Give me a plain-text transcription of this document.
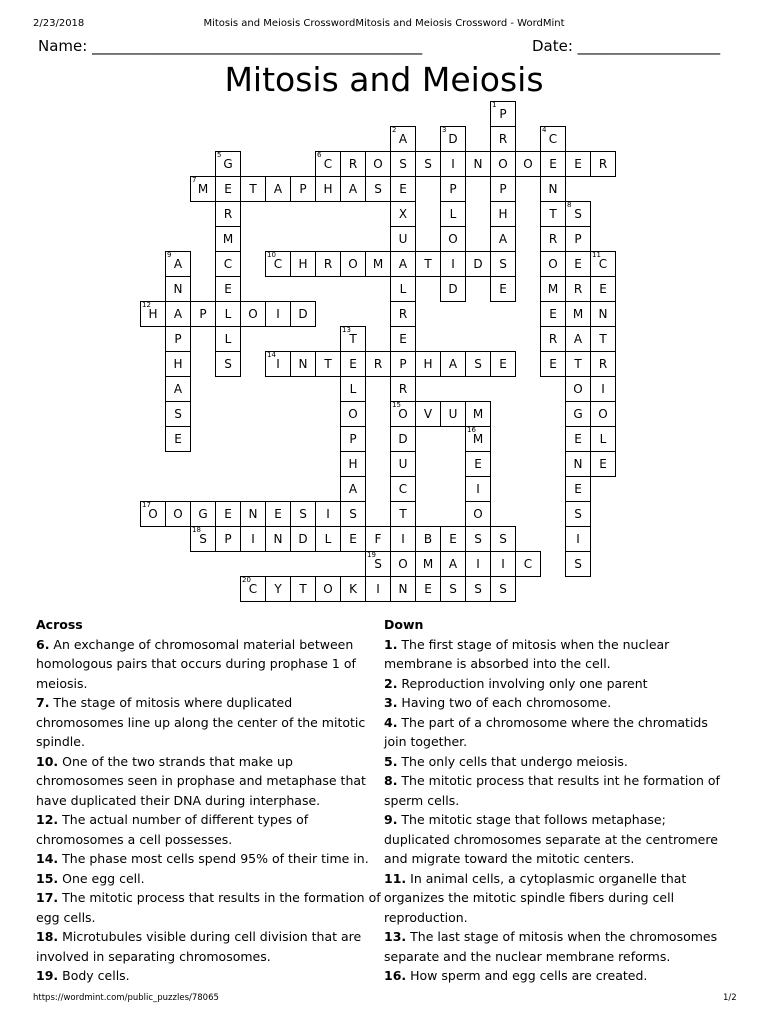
2/23/2018	Mitosis and Meiosis CrosswordMitosis and Meiosis Crossword - WordMint
Name: ____________________________________________	Date: ___________________
Mitosis and Meiosis
1
P
R
O
P
H
A
S
E
2
A
S
E
X
U
A
L
R
E
P
R
15
O
D
U
C
T
I
O
N
3
D
I
P
L
O
I
D
4
C
E
N
T
R
O
M
E
R
E
5
G
E
R
M
C
E
L
L
S
6
C	R	O	S	N	O	E	R
7
M	T	A	P	H	A	S
8
S
P
E
R
M
A
T
O
G
E
N
E
S
I
S
9
A
N
A
P
H
A
S
E
10
C	H	R	O	M	T	D
11
C
E
N
T
R
I
O
L
E
12
H	P	O	I	D
13
T
E
L
O
P
H
A
S
E
14
I	N	T	R	H	A	S	E
V	U	M
16
M
E
I
O
S
I
S
17
O	O	G	E	N	E	S	I
18
S	P	I	N	D	L	F	B	E	S
19
S	M	A	I	C
20
C	Y	T	O	K	I	E	S	S
Across
6. An exchange of chromosomal material between homologous pairs that occurs during prophase 1 of meiosis.
7. The stage of mitosis where duplicated chromosomes line up along the center of the mitotic spindle.
10. One of the two strands that make up chromosomes seen in prophase and metaphase that have duplicated their DNA during interphase.
12. The actual number of different types of chromosomes a cell possesses.
14. The phase most cells spend 95% of their time in.
15. One egg cell.
17. The mitotic process that results in the formation of egg cells.
18. Microtubules visible during cell division that are involved in separating chromosomes.
19. Body cells.
Down
1. The first stage of mitosis when the nuclear membrane is absorbed into the cell.
2. Reproduction involving only one parent
3. Having two of each chromosome.
4. The part of a chromosome where the chromatids join together.
5. The only cells that undergo meiosis.
8. The mitotic process that results int he formation of sperm cells.
9. The mitotic stage that follows metaphase; duplicated chromosomes separate at the centromere and migrate toward the mitotic centers.
11. In animal cells, a cytoplasmic organelle that organizes the mitotic spindle fibers during cell reproduction.
13. The last stage of mitosis when the chromosomes separate and the nuclear membrane reforms.
16. How sperm and egg cells are created.
https://wordmint.com/public_puzzles/78065	1/2
